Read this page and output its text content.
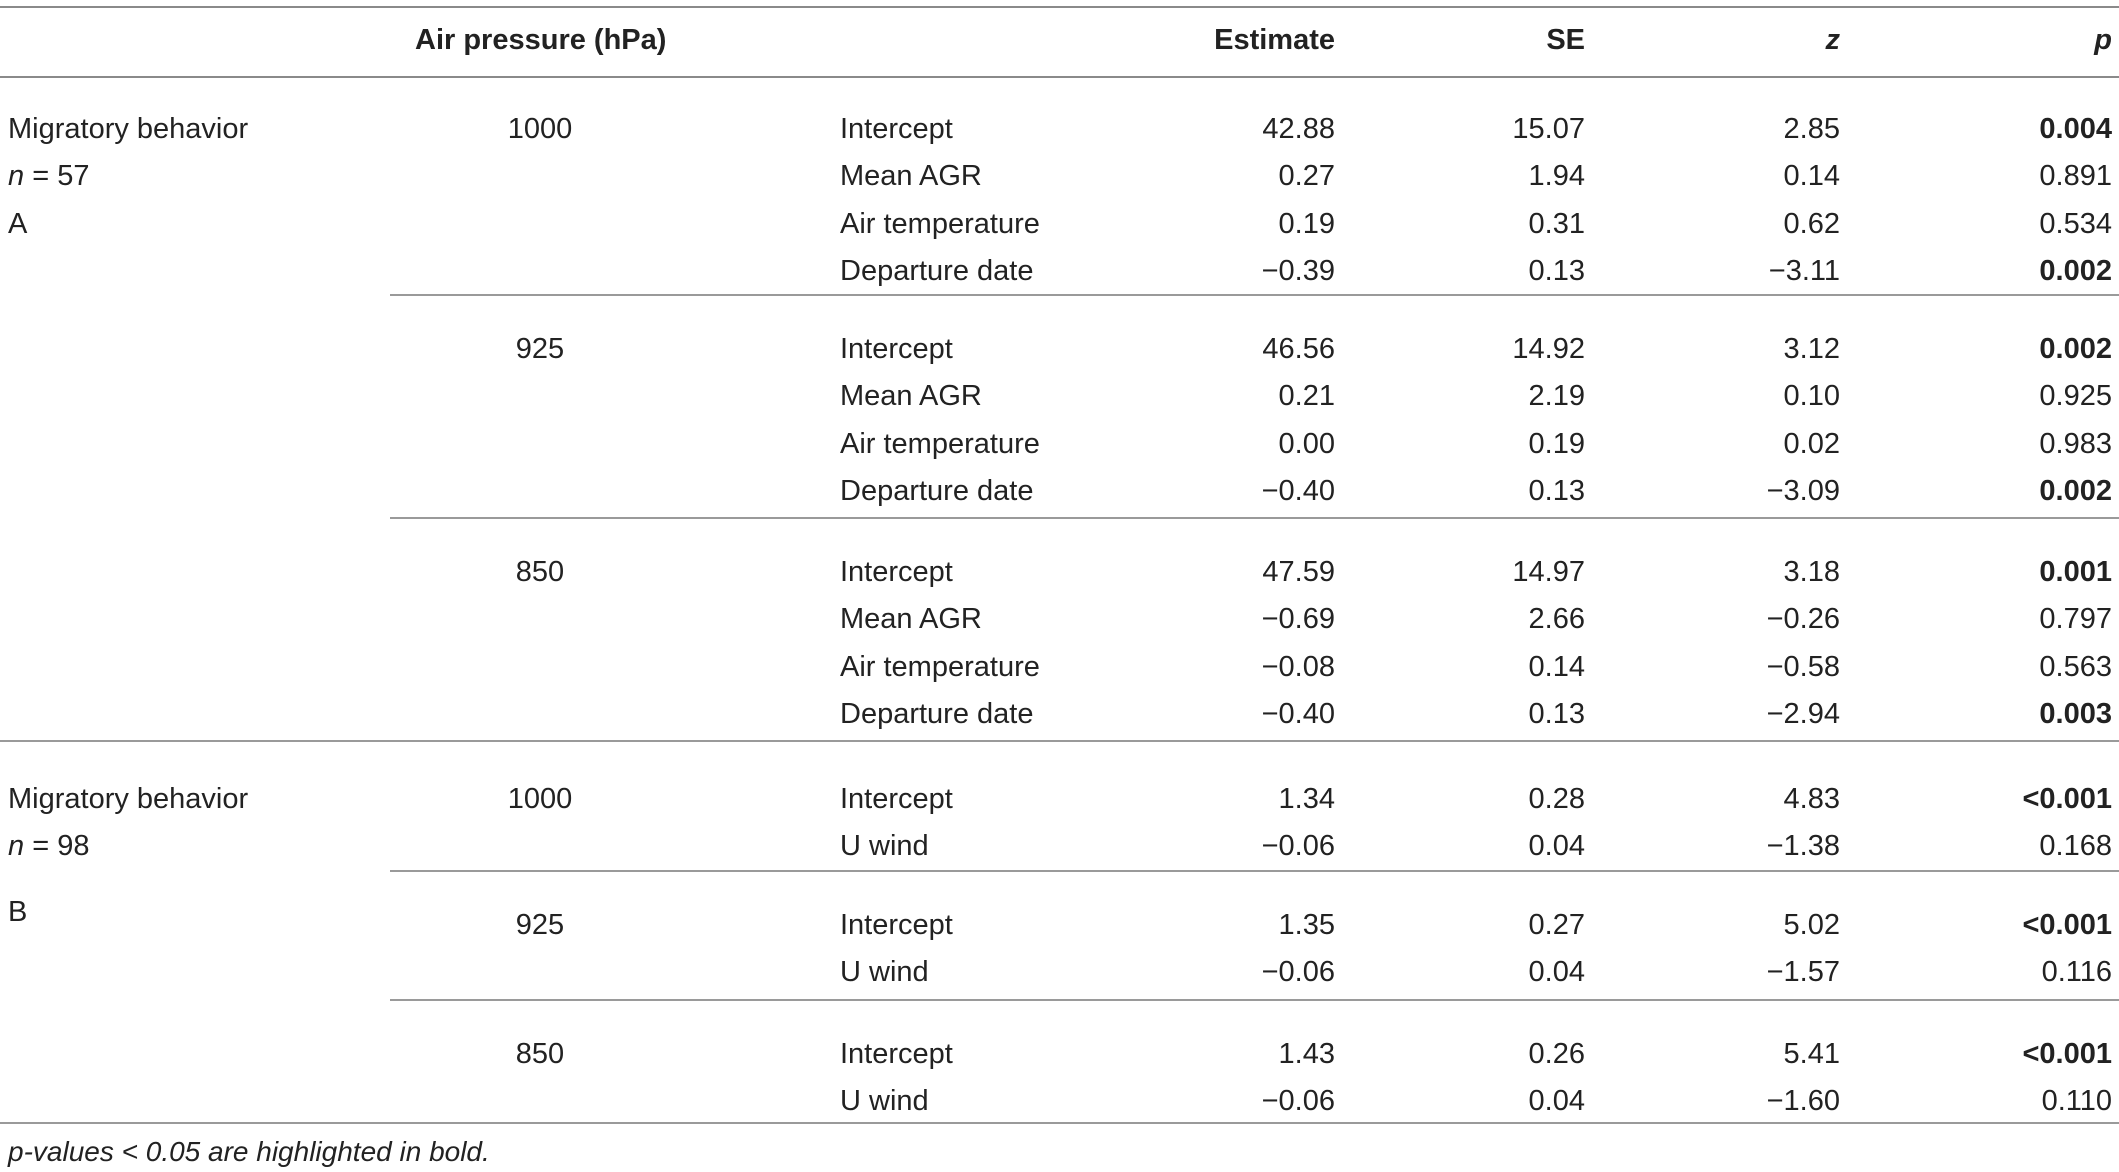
Air pressure (hPa)	Estimate	SE	z	p
Migratory behavior
n = 57
A
1000	Intercept	42.88	15.07	2.85	0.004
Mean AGR	0.27	1.94	0.14	0.891
Air temperature	0.19	0.31	0.62	0.534
Departure date	−0.39	0.13	−3.11	0.002
925	Intercept	46.56	14.92	3.12	0.002
Mean AGR	0.21	2.19	0.10	0.925
Air temperature	0.00	0.19	0.02	0.983
Departure date	−0.40	0.13	−3.09	0.002
850	Intercept	47.59	14.97	3.18	0.001
Mean AGR	−0.69	2.66	−0.26	0.797
Air temperature	−0.08	0.14	−0.58	0.563
Departure date	−0.40	0.13	−2.94	0.003
Migratory behavior
n = 98
B
1000	Intercept	1.34	0.28	4.83	<0.001
U wind	−0.06	0.04	−1.38	0.168
925	Intercept	1.35	0.27	5.02	<0.001
U wind	−0.06	0.04	−1.57	0.116
850	Intercept	1.43	0.26	5.41	<0.001
U wind	−0.06	0.04	−1.60	0.110
p-values < 0.05 are highlighted in bold.
